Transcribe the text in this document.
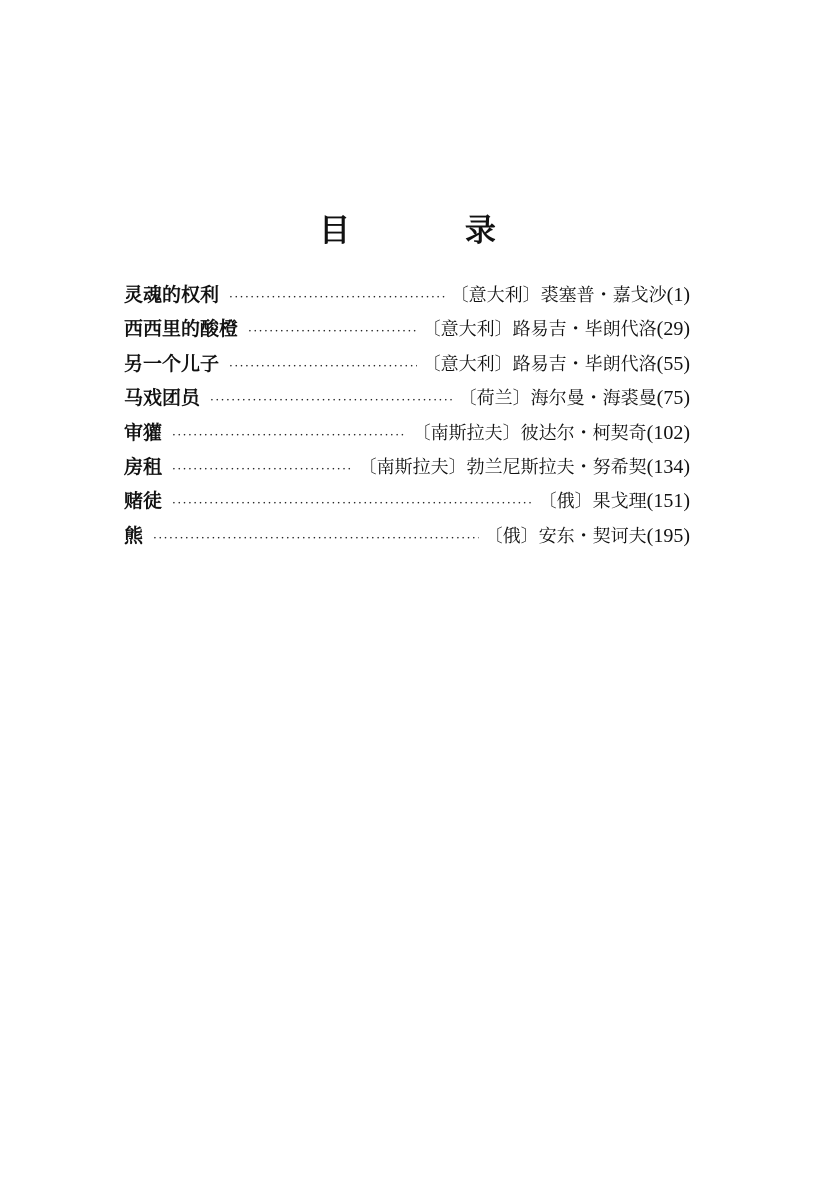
目 录
灵魂的权利 ·····	〔意大利〕裘塞普・嘉戈沙 (1)
西西里的酸橙 ·····	〔意大利〕路易吉・毕朗代洛 (29)
另一个儿子 ·····	〔意大利〕路易吉・毕朗代洛 (55)
马戏团员 ·····	〔荷兰〕海尔曼・海裘曼 (75)
审獾 ·····	〔南斯拉夫〕彼达尔・柯契奇 (102)
房租 ·····	〔南斯拉夫〕勃兰尼斯拉夫・努希契 (134)
赌徒 ·····	〔俄〕果戈理 (151)
熊 ·····	〔俄〕安东・契诃夫 (195)
